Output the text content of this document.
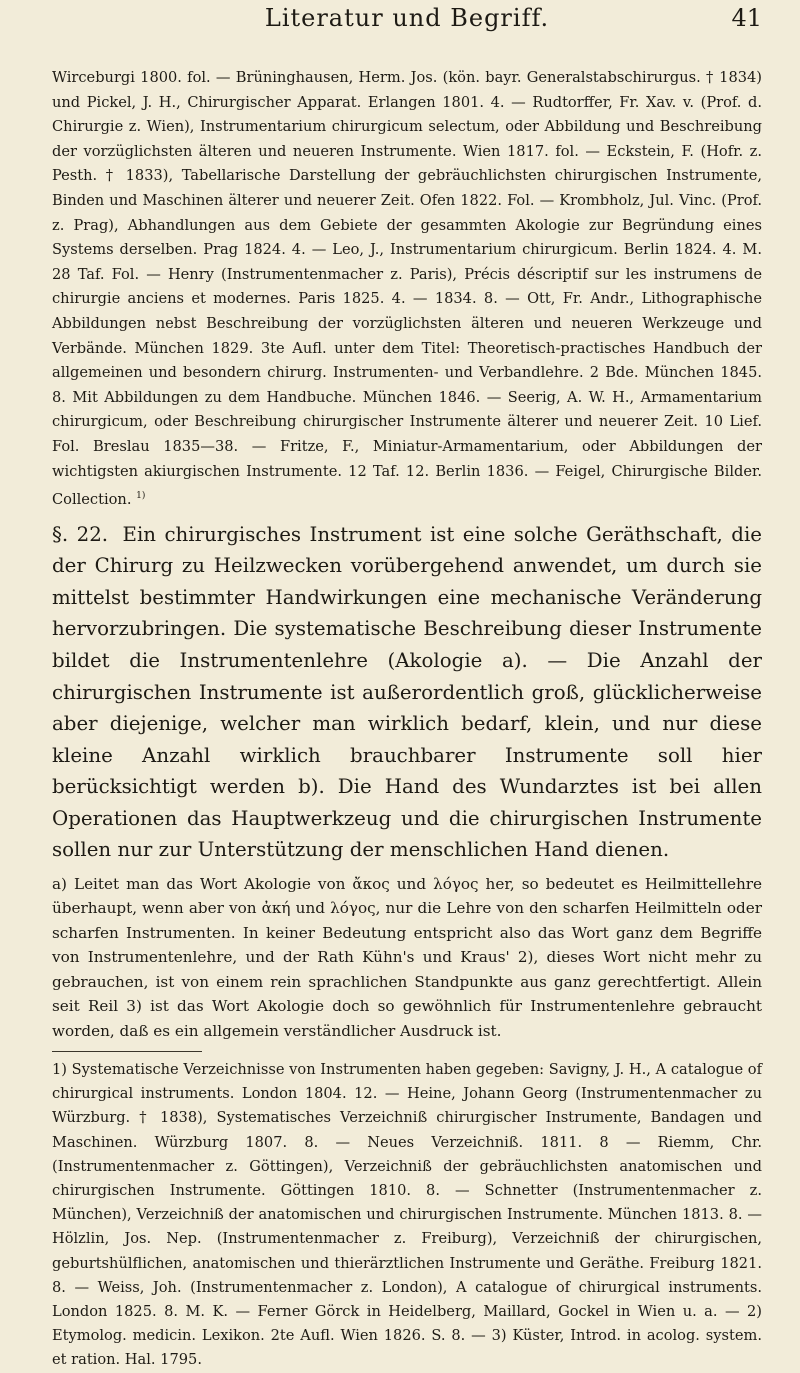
Literatur und Begriff.	41
Wirceburgi 1800. fol. — Brüninghausen, Herm. Jos. (kön. bayr. Generalstabschirurgus. † 1834) und Pickel, J. H., Chirurgischer Apparat. Erlangen 1801. 4. — Rudtorffer, Fr. Xav. v. (Prof. d. Chirurgie z. Wien), Instrumentarium chirurgicum selectum, oder Abbildung und Beschreibung der vorzüglichsten älteren und neueren Instrumente. Wien 1817. fol. — Eckstein, F. (Hofr. z. Pesth. † 1833), Tabellarische Darstellung der gebräuchlichsten chirurgischen Instrumente, Binden und Maschinen älterer und neuerer Zeit. Ofen 1822. Fol. — Krombholz, Jul. Vinc. (Prof. z. Prag), Abhandlungen aus dem Gebiete der gesammten Akologie zur Begründung eines Systems derselben. Prag 1824. 4. — Leo, J., Instrumentarium chirurgicum. Berlin 1824. 4. M. 28 Taf. Fol. — Henry (Instrumentenmacher z. Paris), Précis déscriptif sur les instrumens de chirurgie anciens et modernes. Paris 1825. 4. — 1834. 8. — Ott, Fr. Andr., Lithographische Abbildungen nebst Beschreibung der vorzüglichsten älteren und neueren Werkzeuge und Verbände. München 1829. 3te Aufl. unter dem Titel: Theoretisch-practisches Handbuch der allgemeinen und besondern chirurg. Instrumenten- und Verbandlehre. 2 Bde. München 1845. 8. Mit Abbildungen zu dem Handbuche. München 1846. — Seerig, A. W. H., Armamentarium chirurgicum, oder Beschreibung chirurgischer Instrumente älterer und neuerer Zeit. 10 Lief. Fol. Breslau 1835—38. — Fritze, F., Miniatur-Armamentarium, oder Abbildungen der wichtigsten akiurgischen Instrumente. 12 Taf. 12. Berlin 1836. — Feigel, Chirurgische Bilder. Collection. $^{1)}$
§. 22. Ein chirurgisches Instrument ist eine solche Geräthschaft, die der Chirurg zu Heilzwecken vorübergehend anwendet, um durch sie mittelst bestimmter Handwirkungen eine mechanische Veränderung hervorzubringen. Die systematische Beschreibung dieser Instrumente bildet die Instrumentenlehre (Akologie a). — Die Anzahl der chirurgischen Instrumente ist außerordentlich groß, glücklicherweise aber diejenige, welcher man wirklich bedarf, klein, und nur diese kleine Anzahl wirklich brauchbarer Instrumente soll hier berücksichtigt werden b). Die Hand des Wundarztes ist bei allen Operationen das Hauptwerkzeug und die chirurgischen Instrumente sollen nur zur Unterstützung der menschlichen Hand dienen.
a) Leitet man das Wort Akologie von ἄκος und λόγος her, so bedeutet es Heilmittellehre überhaupt, wenn aber von ἀκή und λόγος, nur die Lehre von den scharfen Heilmitteln oder scharfen Instrumenten. In keiner Bedeutung entspricht also das Wort ganz dem Begriffe von Instrumentenlehre, und der Rath Kühn's und Kraus' 2), dieses Wort nicht mehr zu gebrauchen, ist von einem rein sprachlichen Standpunkte aus ganz gerechtfertigt. Allein seit Reil 3) ist das Wort Akologie doch so gewöhnlich für Instrumentenlehre gebraucht worden, daß es ein allgemein verständlicher Ausdruck ist.

1) Systematische Verzeichnisse von Instrumenten haben gegeben: Savigny, J. H., A catalogue of chirurgical instruments. London 1804. 12. — Heine, Johann Georg (Instrumentenmacher zu Würzburg. † 1838), Systematisches Verzeichniß chirurgischer Instrumente, Bandagen und Maschinen. Würzburg 1807. 8. — Neues Verzeichniß. 1811. 8 — Riemm, Chr. (Instrumentenmacher z. Göttingen), Verzeichniß der gebräuchlichsten anatomischen und chirurgischen Instrumente. Göttingen 1810. 8. — Schnetter (Instrumentenmacher z. München), Verzeichniß der anatomischen und chirurgischen Instrumente. München 1813. 8. — Hölzlin, Jos. Nep. (Instrumentenmacher z. Freiburg), Verzeichniß der chirurgischen, geburtshülflichen, anatomischen und thierärztlichen Instrumente und Geräthe. Freiburg 1821. 8. — Weiss, Joh. (Instrumentenmacher z. London), A catalogue of chirurgical instruments. London 1825. 8. M. K. — Ferner Görck in Heidelberg, Maillard, Gockel in Wien u. a. — 2) Etymolog. medicin. Lexikon. 2te Aufl. Wien 1826. S. 8. — 3) Küster, Introd. in acolog. system. et ration. Hal. 1795.
